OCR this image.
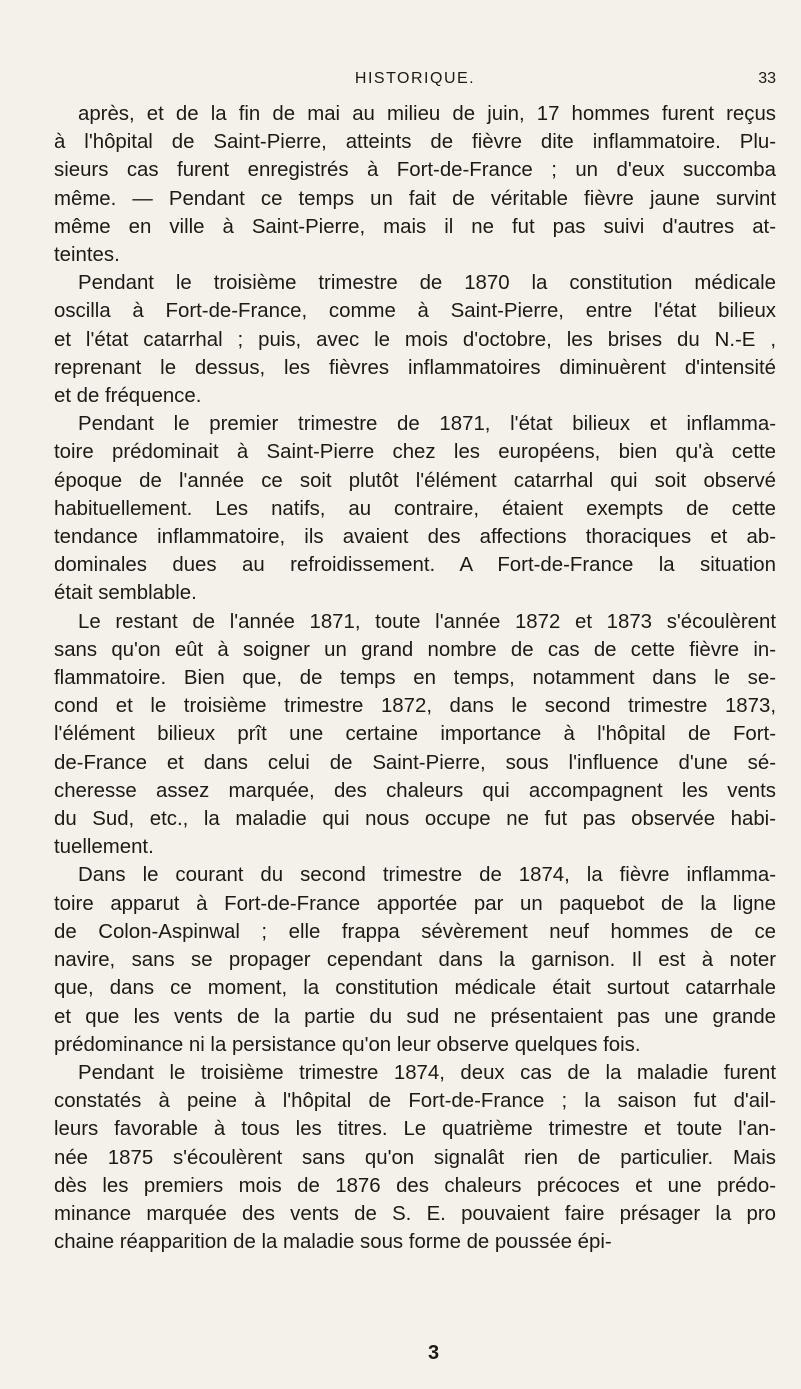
HISTORIQUE.	33

après, et de la fin de mai au milieu de juin, 17 hommes furent reçus
à l'hôpital de Saint-Pierre, atteints de fièvre dite inflammatoire. Plu-
sieurs cas furent enregistrés à Fort-de-France ; un d'eux succomba
même. — Pendant ce temps un fait de véritable fièvre jaune survint
même en ville à Saint-Pierre, mais il ne fut pas suivi d'autres at-
teintes.

Pendant le troisième trimestre de 1870 la constitution médicale
oscilla à Fort-de-France, comme à Saint-Pierre, entre l'état bilieux
et l'état catarrhal ; puis, avec le mois d'octobre, les brises du N.-E ,
reprenant le dessus, les fièvres inflammatoires diminuèrent d'intensité
et de fréquence.

Pendant le premier trimestre de 1871, l'état bilieux et inflamma-
toire prédominait à Saint-Pierre chez les européens, bien qu'à cette
époque de l'année ce soit plutôt l'élément catarrhal qui soit observé
habituellement. Les natifs, au contraire, étaient exempts de cette
tendance inflammatoire, ils avaient des affections thoraciques et ab-
dominales dues au refroidissement. A Fort-de-France la situation
était semblable.

Le restant de l'année 1871, toute l'année 1872 et 1873 s'écoulèrent
sans qu'on eût à soigner un grand nombre de cas de cette fièvre in-
flammatoire. Bien que, de temps en temps, notamment dans le se-
cond et le troisième trimestre 1872, dans le second trimestre 1873,
l'élément bilieux prît une certaine importance à l'hôpital de Fort-
de-France et dans celui de Saint-Pierre, sous l'influence d'une sé-
cheresse assez marquée, des chaleurs qui accompagnent les vents
du Sud, etc., la maladie qui nous occupe ne fut pas observée habi-
tuellement.

Dans le courant du second trimestre de 1874, la fièvre inflamma-
toire apparut à Fort-de-France apportée par un paquebot de la ligne
de Colon-Aspinwal ; elle frappa sévèrement neuf hommes de ce
navire, sans se propager cependant dans la garnison. Il est à noter
que, dans ce moment, la constitution médicale était surtout catarrhale
et que les vents de la partie du sud ne présentaient pas une grande
prédominance ni la persistance qu'on leur observe quelques fois.

Pendant le troisième trimestre 1874, deux cas de la maladie furent
constatés à peine à l'hôpital de Fort-de-France ; la saison fut d'ail-
leurs favorable à tous les titres. Le quatrième trimestre et toute l'an-
née 1875 s'écoulèrent sans qu'on signalât rien de particulier. Mais
dès les premiers mois de 1876 des chaleurs précoces et une prédo-
minance marquée des vents de S. E. pouvaient faire présager la pro
chaine réapparition de la maladie sous forme de poussée épi-

3
